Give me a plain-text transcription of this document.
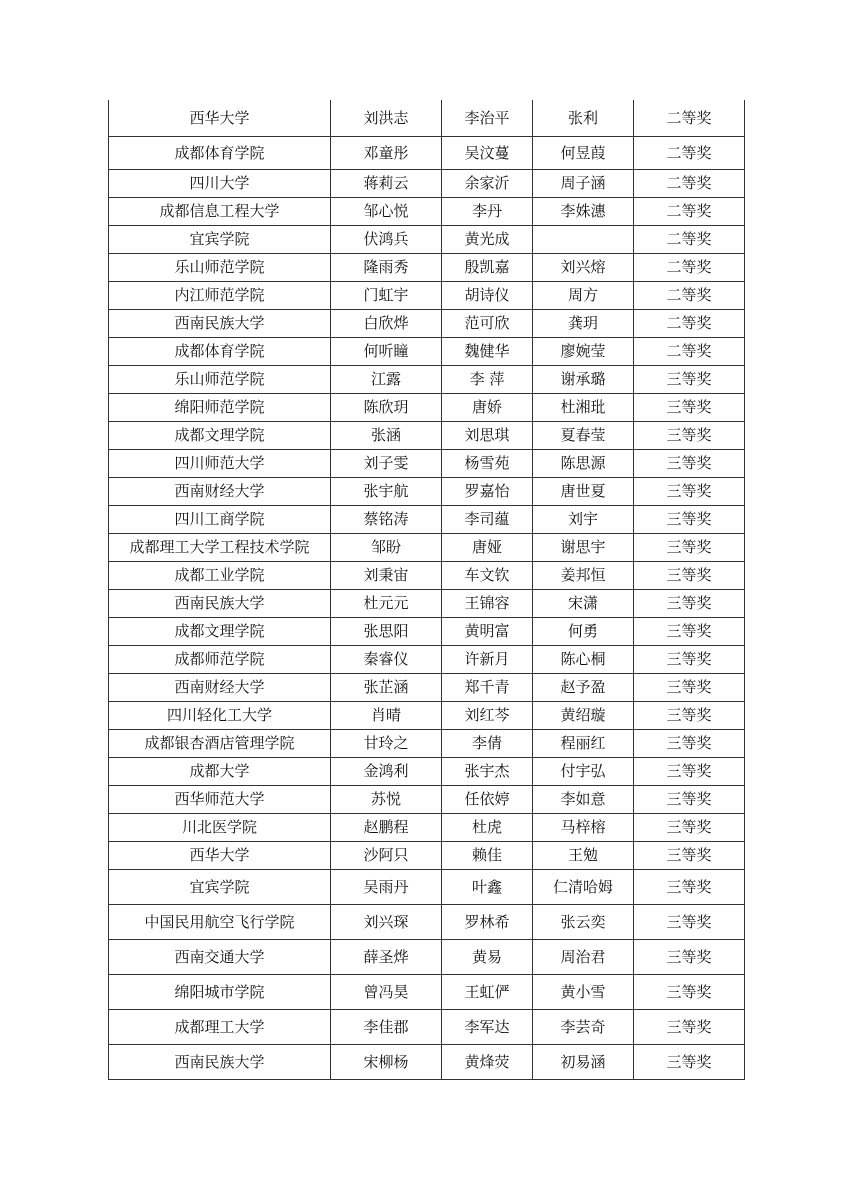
西华大学	刘洪志	李治平	张利	二等奖
成都体育学院	邓童彤	吴汶蔓	何昱葭	二等奖
四川大学	蒋莉云	余家沂	周子涵	二等奖
成都信息工程大学	邹心悦	李丹	李姝潓	二等奖
宜宾学院	伏鸿兵	黄光成		二等奖
乐山师范学院	隆雨秀	殷凯嘉	刘兴熔	二等奖
内江师范学院	门虹宇	胡诗仪	周方	二等奖
西南民族大学	白欣烨	范可欣	龚玥	二等奖
成都体育学院	何听瞳	魏健华	廖婉莹	二等奖
乐山师范学院	江露	李 萍	谢承璐	三等奖
绵阳师范学院	陈欣玥	唐娇	杜湘玭	三等奖
成都文理学院	张涵	刘思琪	夏春莹	三等奖
四川师范大学	刘子雯	杨雪苑	陈思源	三等奖
西南财经大学	张宇航	罗嘉怡	唐世夏	三等奖
四川工商学院	蔡铭涛	李司蕴	刘宇	三等奖
成都理工大学工程技术学院	邹盼	唐娅	谢思宇	三等奖
成都工业学院	刘秉宙	车文钦	姜邦恒	三等奖
西南民族大学	杜元元	王锦容	宋潇	三等奖
成都文理学院	张思阳	黄明富	何勇	三等奖
成都师范学院	秦睿仪	许新月	陈心桐	三等奖
西南财经大学	张芷涵	郑千青	赵予盈	三等奖
四川轻化工大学	肖晴	刘红芩	黄绍璇	三等奖
成都银杏酒店管理学院	甘玲之	李倩	程丽红	三等奖
成都大学	金鸿利	张宇杰	付宇弘	三等奖
西华师范大学	苏悦	任依婷	李如意	三等奖
川北医学院	赵鹏程	杜虎	马梓榕	三等奖
西华大学	沙阿只	赖佳	王勉	三等奖
宜宾学院	吴雨丹	叶鑫	仁清哈姆	三等奖
中国民用航空飞行学院	刘兴琛	罗林希	张云奕	三等奖
西南交通大学	薛圣烨	黄易	周治君	三等奖
绵阳城市学院	曾冯昊	王虹俨	黄小雪	三等奖
成都理工大学	李佳郡	李军达	李芸奇	三等奖
西南民族大学	宋柳杨	黄烽荧	初易涵	三等奖
